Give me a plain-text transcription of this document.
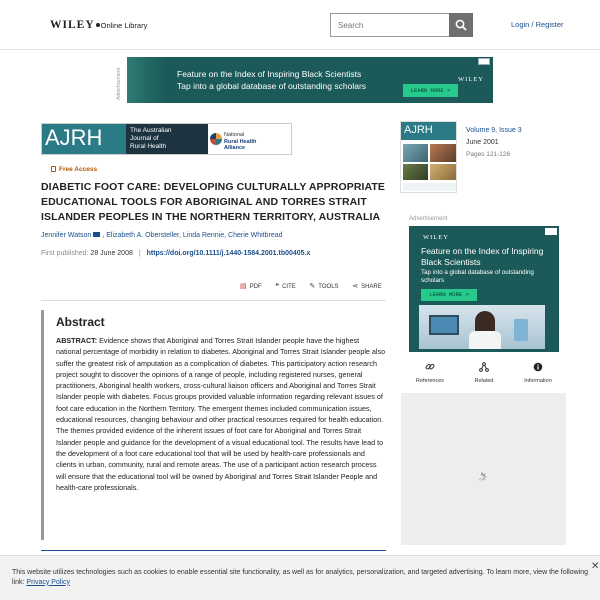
WILEY Online Library
Search	Login / Register
Advertisement	Feature on the Index of Inspiring Black Scientists
Tap into a global database of outstanding scholars	LEARN MORE >
WILEY
AJRH	The Australian
Journal of
Rural Health
National
Rural Health
Alliance
Free Access
DIABETIC FOOT CARE: DEVELOPING CULTURALLY APPROPRIATE EDUCATIONAL TOOLS FOR ABORIGINAL AND TORRES STRAIT ISLANDER PEOPLES IN THE NORTHERN TERRITORY, AUSTRALIA
Jennifer Watson , Elizabeth A. Obersteller, Linda Rennie, Cherie Whitbread
First published: 28 June 2008 | https://doi.org/10.1111/j.1440-1584.2001.tb00405.x
▤ PDF ❝ CITE ✎ TOOLS ⋖ SHARE
Abstract

ABSTRACT: Evidence shows that Aboriginal and Torres Strait Islander people have the highest national percentage of morbidity in relation to diabetes. Aboriginal and Torres Strait Islander people also suffer the greatest risk of amputation as a complication of diabetes. This participatory action research project sought to discover the opinions of a range of people, including registered nurses, general practitioners, Aboriginal health workers, cross-cultural liaison officers and Aboriginal and Torres Strait Islander people with diabetes. Focus groups provided valuable information regarding relevant issues of foot care education in the Northern Territory. The emergent themes included communication issues, educational resources, changing behaviour and other practical resources required for health education. The themes provided evidence of the inherent issues of foot care for Aboriginal and Torres Strait Islander people and guidance for the development of a visual educational tool. The results have lead to the development of a foot care educational tool that will be used by health-care professionals and clients in urban, community, rural and remote areas. The use of a participant action research process will ensure that the educational tool will be owned by Aboriginal and Torres Strait Islander People and health-care professionals.

AJRH	Volume 9, Issue 3
June 2001
Pages 121-126
Advertisement
WILEY
Feature on the Index of Inspiring Black Scientists
Tap into a global database of outstanding scholars
LEARN MORE >
References	Related	Information

This website utilizes technologies such as cookies to enable essential site functionality, as well as for analytics, personalization, and targeted advertising. To learn more, view the following link: Privacy Policy

✕
